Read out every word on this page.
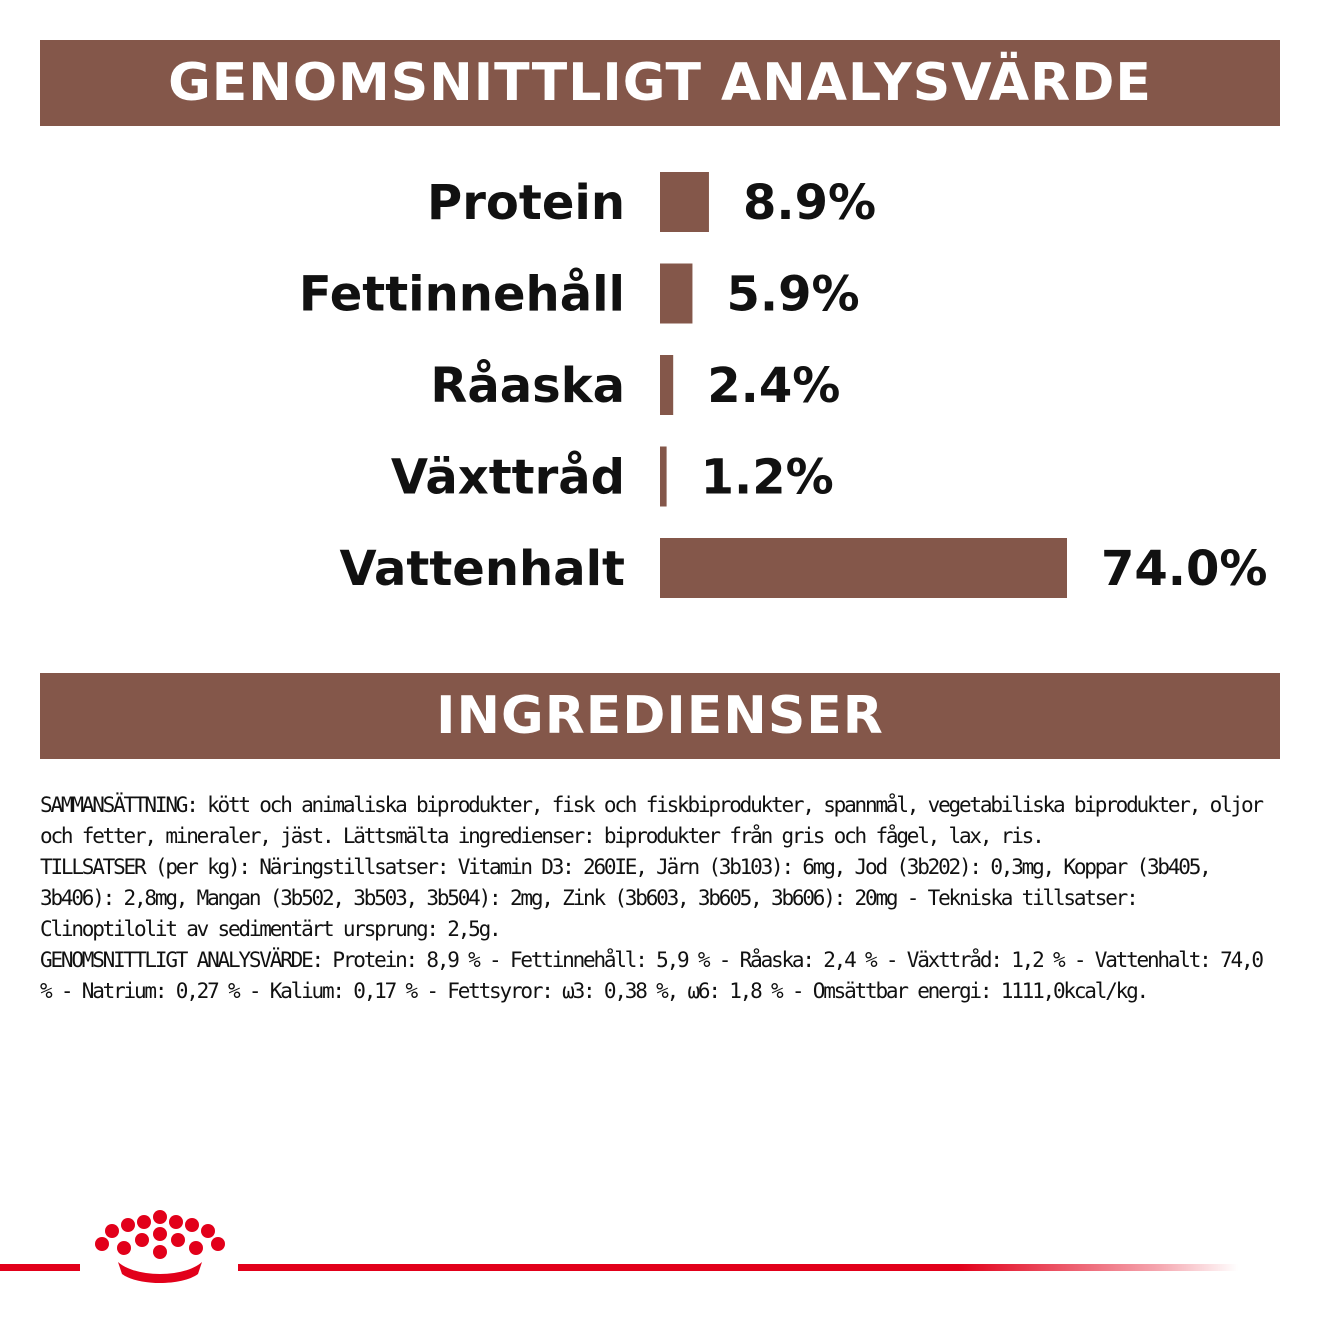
GENOMSNITTLIGT ANALYSVÄRDE
Protein 8.9%
Fettinnehåll 5.9%
Råaska 2.4%
Växttråd 1.2%
Vattenhalt	74.0%
INGREDIENSER
SAMMANSÄTTNING: kött och animaliska biprodukter, fisk och fiskbiprodukter, spannmål, vegetabiliska biprodukter, oljor och fetter, mineraler, jäst. Lättsmälta ingredienser: biprodukter från gris och fågel, lax, ris.
TILLSATSER (per kg): Näringstillsatser: Vitamin D3: 260IE, Järn (3b103): 6mg, Jod (3b202): 0,3mg, Koppar (3b405, 3b406): 2,8mg, Mangan (3b502, 3b503, 3b504): 2mg, Zink (3b603, 3b605, 3b606): 20mg - Tekniska tillsatser: Clinoptilolit av sedimentärt ursprung: 2,5g.
GENOMSNITTLIGT ANALYSVÄRDE: Protein: 8,9 % - Fettinnehåll: 5,9 % - Råaska: 2,4 % - Växttråd: 1,2 % - Vattenhalt: 74,0 % - Natrium: 0,27 % - Kalium: 0,17 % - Fettsyror: ω3: 0,38 %, ω6: 1,8 % - Omsättbar energi: 1111,0kcal/kg.
